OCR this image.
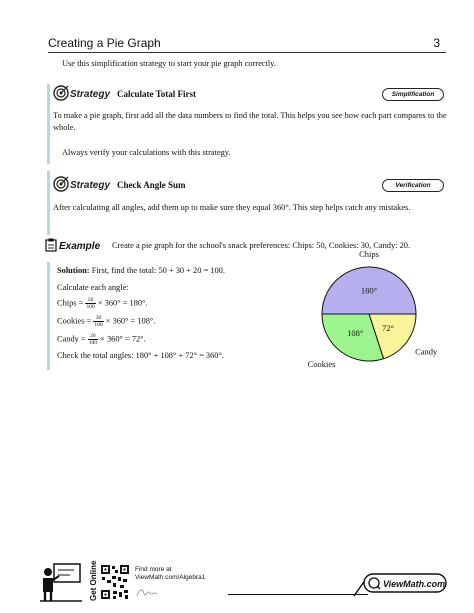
Creating a Pie Graph	3
Use this simplification strategy to start your pie graph correctly.
Strategy Calculate Total First	Simplification
To make a pie graph, first add all the data numbers to find the total. This helps you see how each part compares to the whole.
Always verify your calculations with this strategy.
Strategy Check Angle Sum	Verification
After calculating all angles, add them up to make sure they equal 360°. This step helps catch any mistakes.
Example Create a pie graph for the school's snack preferences: Chips: 50, Cookies: 30, Candy: 20.
Solution: First, find the total: 50 + 30 + 20 = 100.
Calculate each angle:
Chips = $\frac{50}{100} \times 360^\circ = 180^\circ$.
Cookies = $\frac{30}{100} \times 360^\circ = 108^\circ$.
Candy = $\frac{20}{100} \times 360^\circ = 72^\circ$.
Check the total angles: 180° + 108° + 72° = 360°.
180°
Chips
72°
Candy
108°
Cookies
Get Online	Find more at
ViewMath.com/Algebra1
ViewMath.com
